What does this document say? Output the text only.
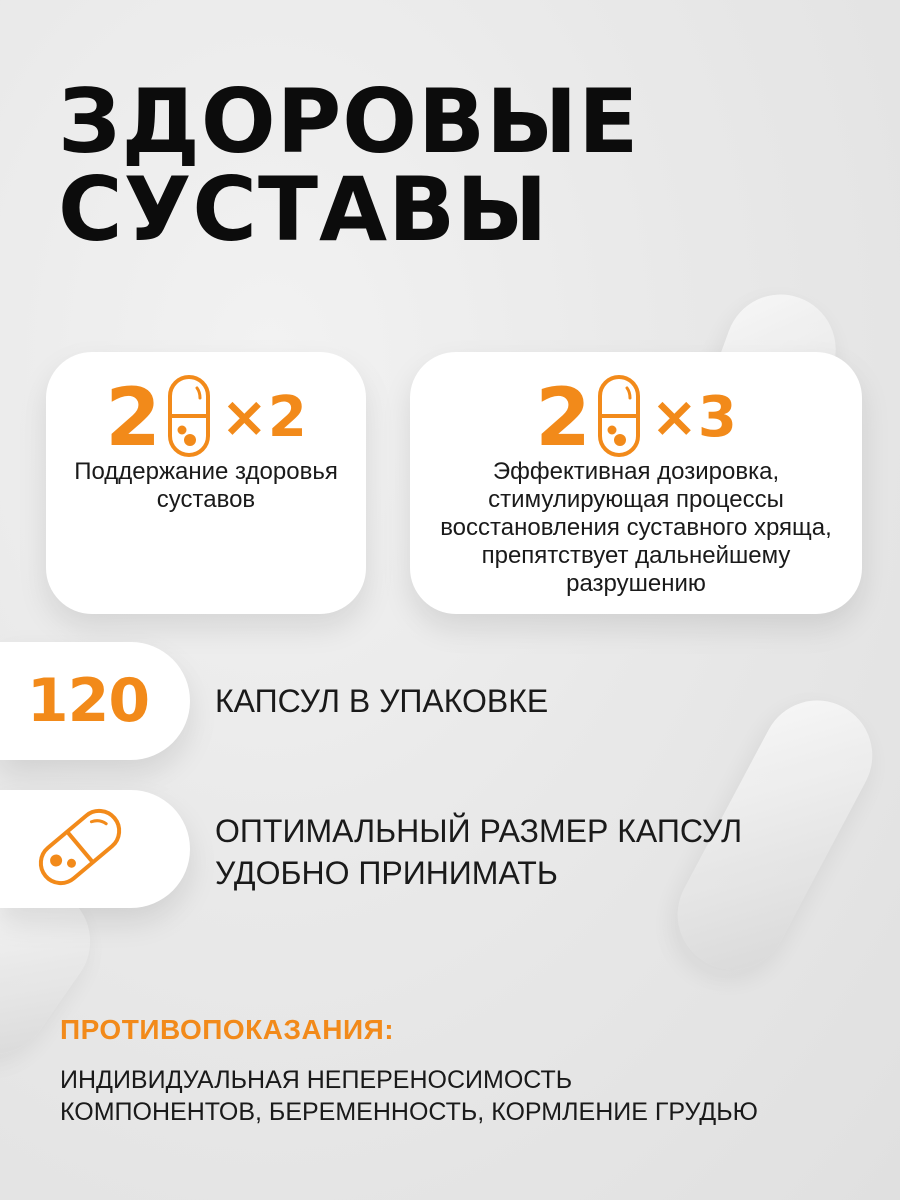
ЗДОРОВЫЕ
СУСТАВЫ
2 ×2
Поддержание здоровья суставов
2 ×3
Эффективная дозировка, стимулирующая процессы восстановления суставного хряща, препятствует дальнейшему разрушению
120 КАПСУЛ В УПАКОВКЕ
ОПТИМАЛЬНЫЙ РАЗМЕР КАПСУЛ
УДОБНО ПРИНИМАТЬ
ПРОТИВОПОКАЗАНИЯ:
ИНДИВИДУАЛЬНАЯ НЕПЕРЕНОСИМОСТЬ
КОМПОНЕНТОВ, БЕРЕМЕННОСТЬ, КОРМЛЕНИЕ ГРУДЬЮ
